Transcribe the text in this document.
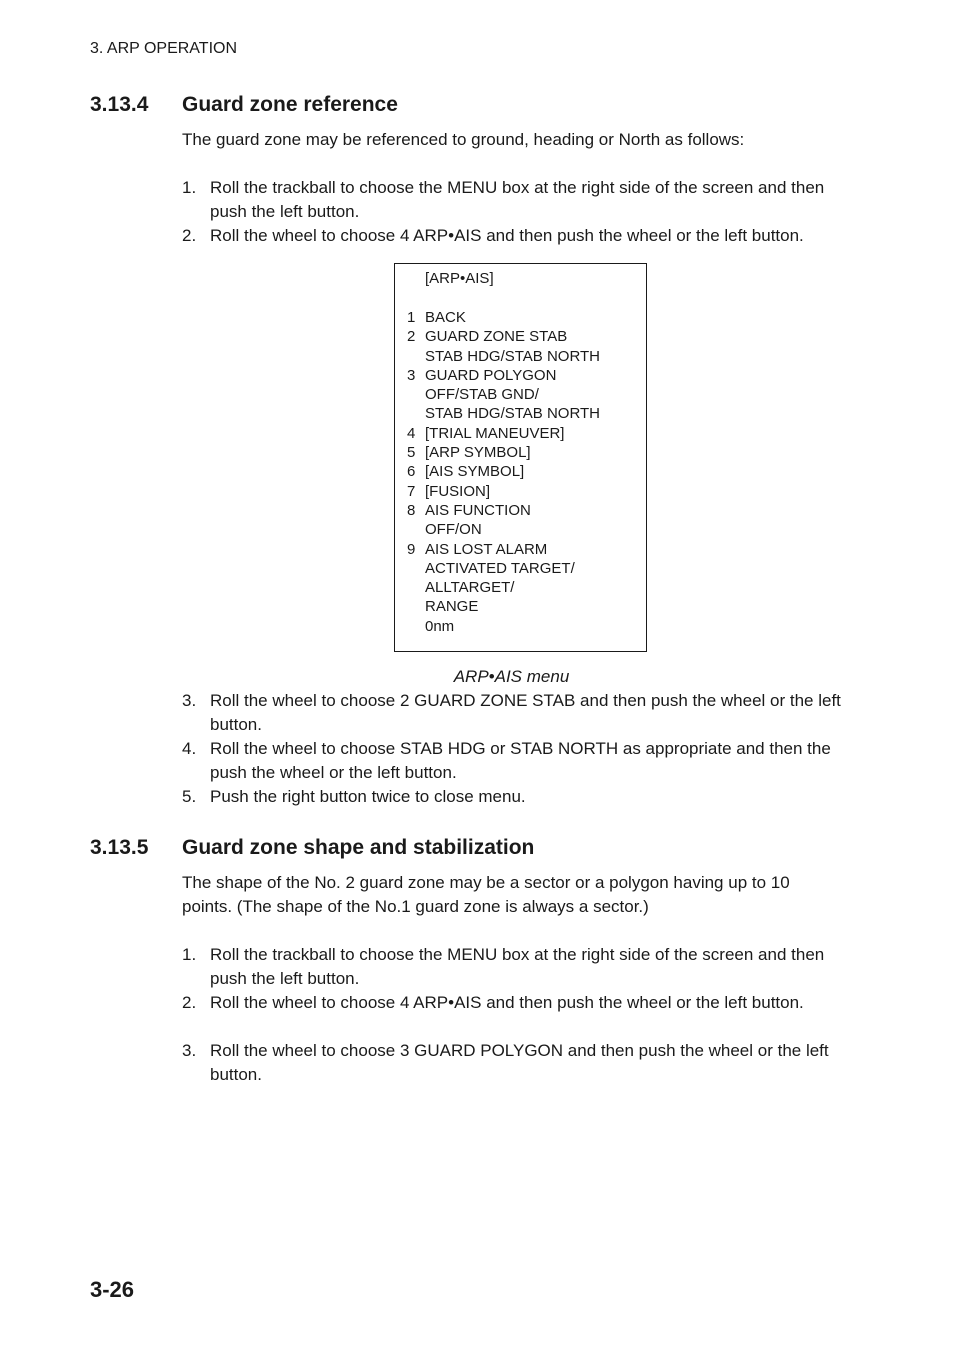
3. ARP OPERATION
3.13.4 Guard zone reference
The guard zone may be referenced to ground, heading or North as follows:
1. Roll the trackball to choose the MENU box at the right side of the screen and then push the left button.
2. Roll the wheel to choose 4 ARP•AIS and then push the wheel or the left button.
[ARP•AIS]
1 BACK
2 GUARD ZONE STAB
STAB HDG/STAB NORTH
3 GUARD POLYGON
OFF/STAB GND/
STAB HDG/STAB NORTH
4 [TRIAL MANEUVER]
5 [ARP SYMBOL]
6 [AIS SYMBOL]
7 [FUSION]
8 AIS FUNCTION
OFF/ON
9 AIS LOST ALARM
ACTIVATED TARGET/
ALLTARGET/
RANGE
0nm
ARP•AIS menu
3. Roll the wheel to choose 2 GUARD ZONE STAB and then push the wheel or the left button.
4. Roll the wheel to choose STAB HDG or STAB NORTH as appropriate and then the push the wheel or the left button.
5. Push the right button twice to close menu.
3.13.5 Guard zone shape and stabilization
The shape of the No. 2 guard zone may be a sector or a polygon having up to 10 points. (The shape of the No.1 guard zone is always a sector.)
1. Roll the trackball to choose the MENU box at the right side of the screen and then push the left button.
2. Roll the wheel to choose 4 ARP•AIS and then push the wheel or the left button.
3. Roll the wheel to choose 3 GUARD POLYGON and then push the wheel or the left button.
3-26
